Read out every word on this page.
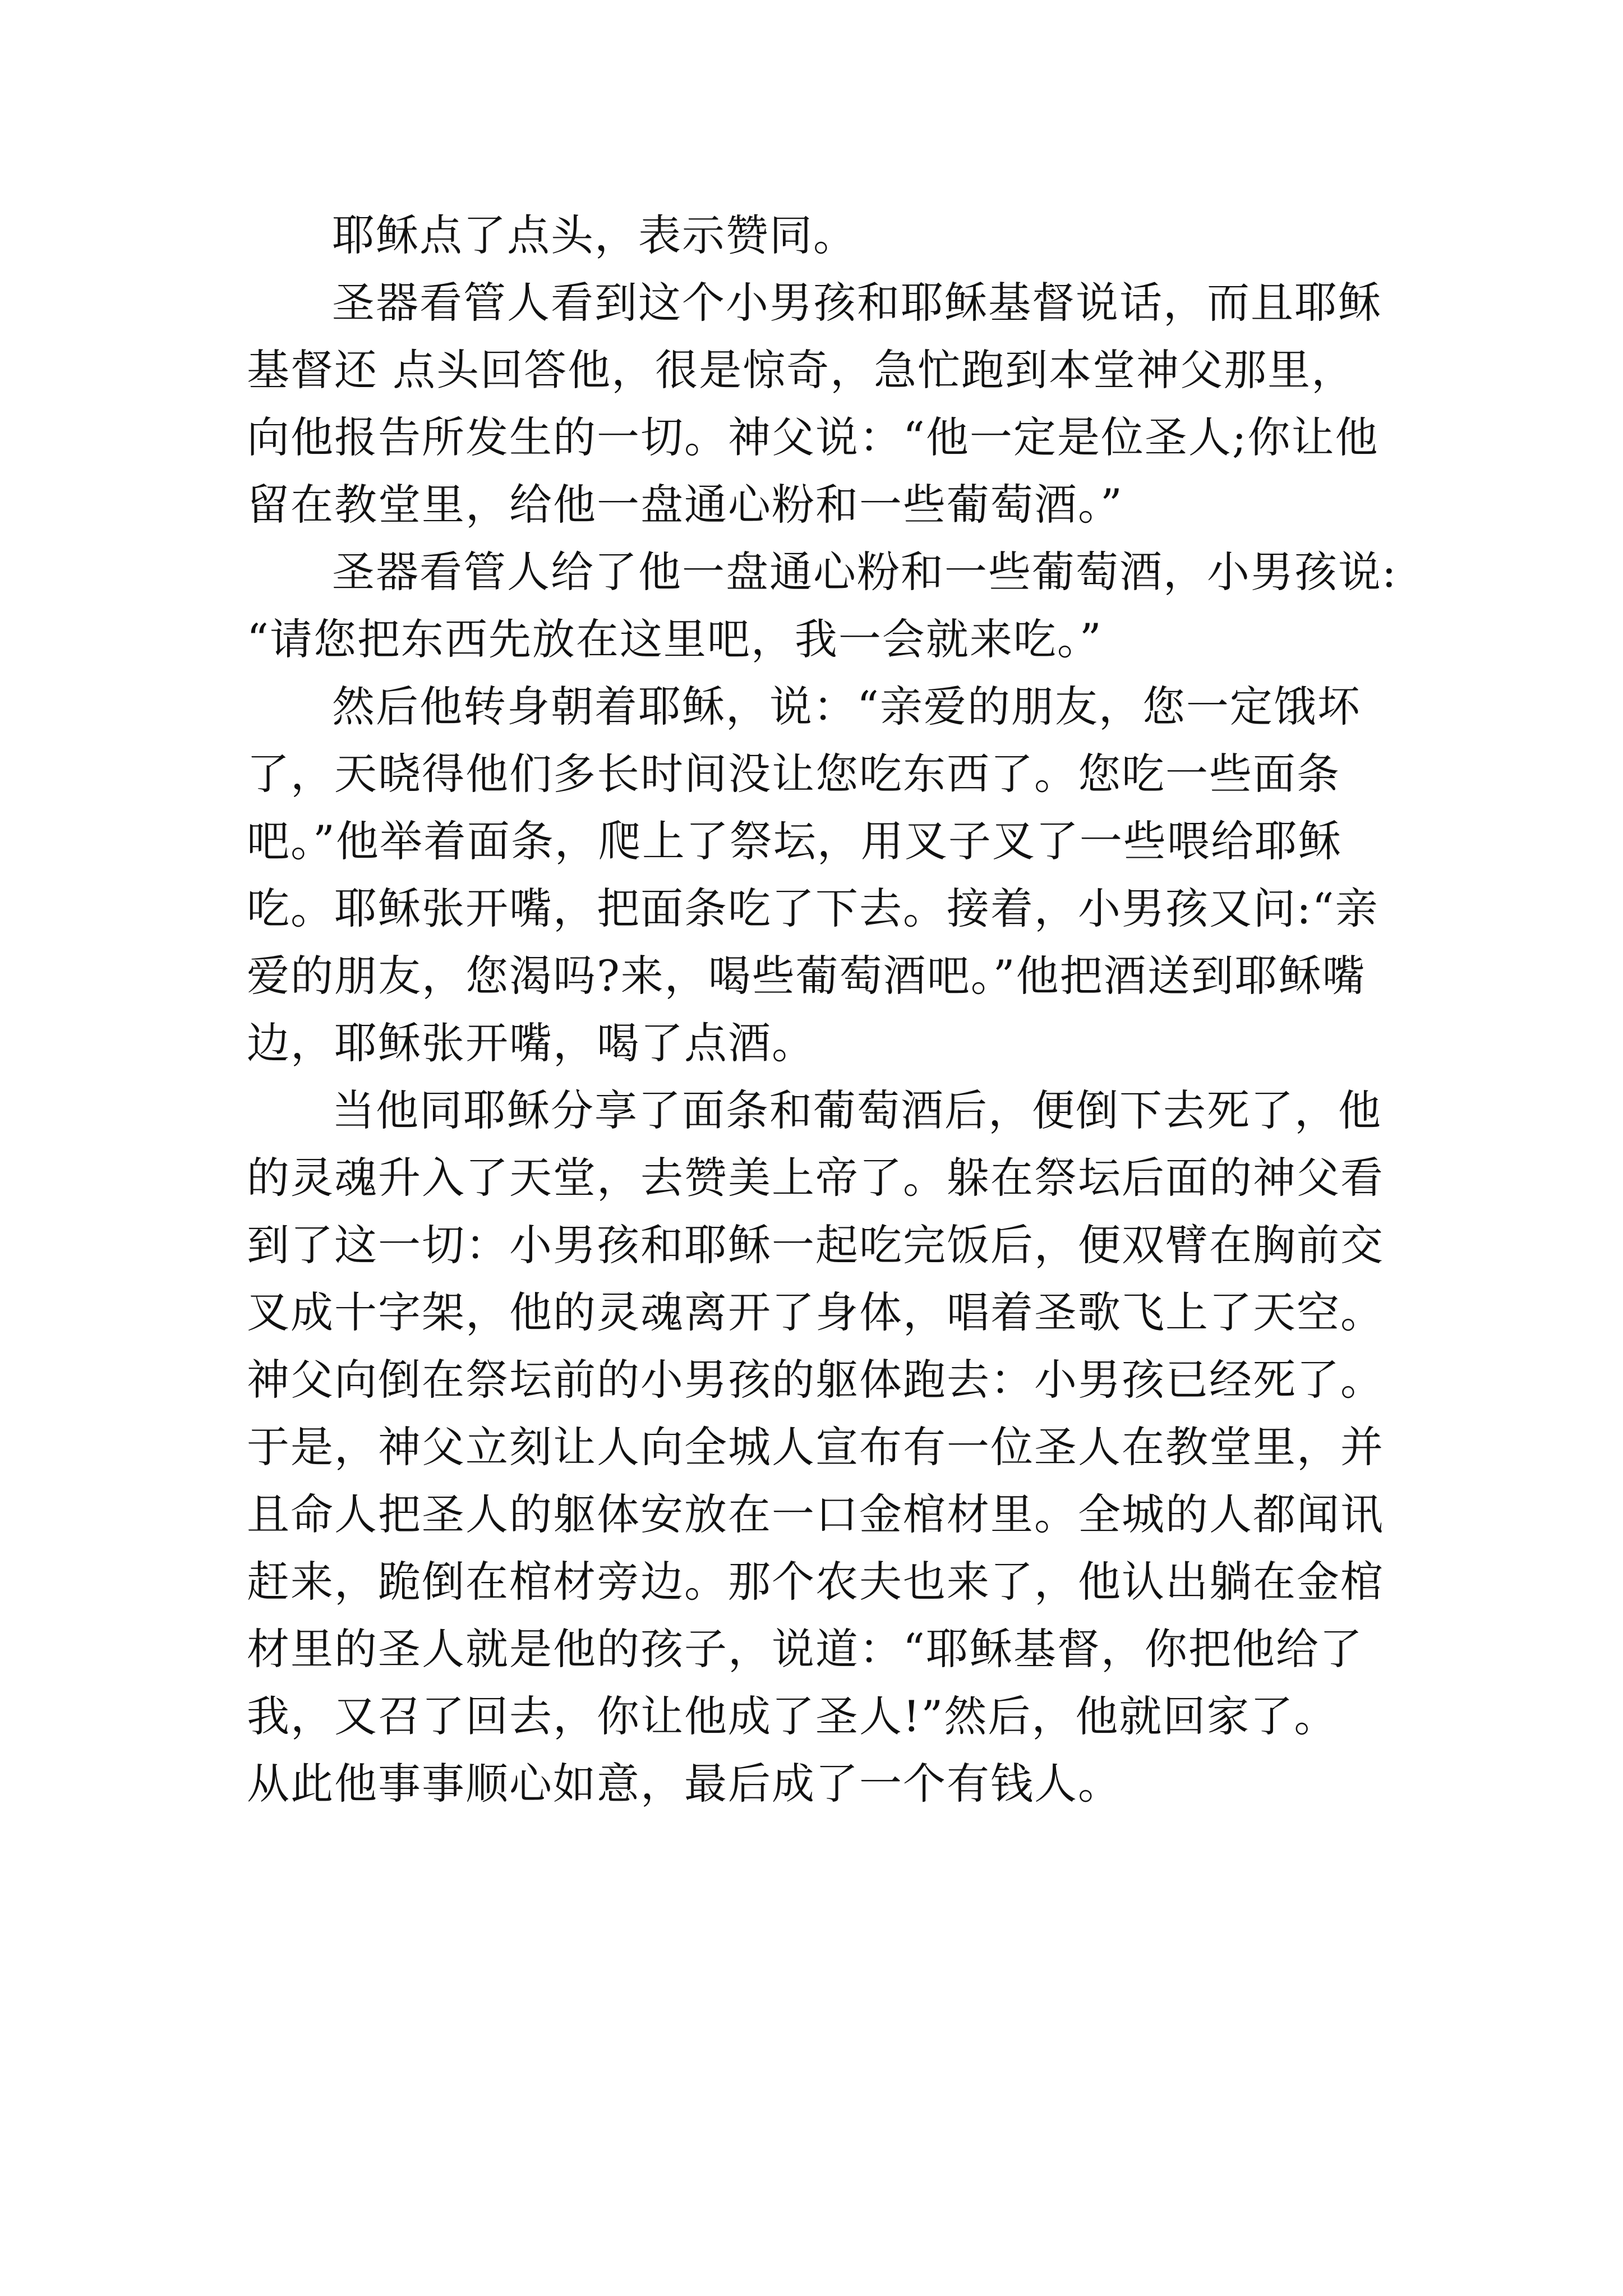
耶稣点了点头，表示赞同。
圣器看管人看到这个小男孩和耶稣基督说话，而且耶稣
基督还 点头回答他，很是惊奇，急忙跑到本堂神父那里，
向他报告所发生的一切。神父说：“他一定是位圣人;你让他
留在教堂里，给他一盘通心粉和一些葡萄酒。”
圣器看管人给了他一盘通心粉和一些葡萄酒，小男孩说:
“请您把东西先放在这里吧，我一会就来吃。”
然后他转身朝着耶稣，说：“亲爱的朋友，您一定饿坏
了，天晓得他们多长时间没让您吃东西了。您吃一些面条
吧。”他举着面条，爬上了祭坛，用叉子叉了一些喂给耶稣
吃。耶稣张开嘴，把面条吃了下去。接着，小男孩又问:“亲
爱的朋友，您渴吗?来，喝些葡萄酒吧。”他把酒送到耶稣嘴
边，耶稣张开嘴，喝了点酒。
当他同耶稣分享了面条和葡萄酒后，便倒下去死了，他
的灵魂升入了天堂，去赞美上帝了。躲在祭坛后面的神父看
到了这一切：小男孩和耶稣一起吃完饭后，便双臂在胸前交
叉成十字架，他的灵魂离开了身体，唱着圣歌飞上了天空。
神父向倒在祭坛前的小男孩的躯体跑去：小男孩已经死了。
于是，神父立刻让人向全城人宣布有一位圣人在教堂里，并
且命人把圣人的躯体安放在一口金棺材里。全城的人都闻讯
赶来，跪倒在棺材旁边。那个农夫也来了，他认出躺在金棺
材里的圣人就是他的孩子，说道：“耶稣基督，你把他给了
我，又召了回去，你让他成了圣人!”然后，他就回家了。
从此他事事顺心如意，最后成了一个有钱人。
